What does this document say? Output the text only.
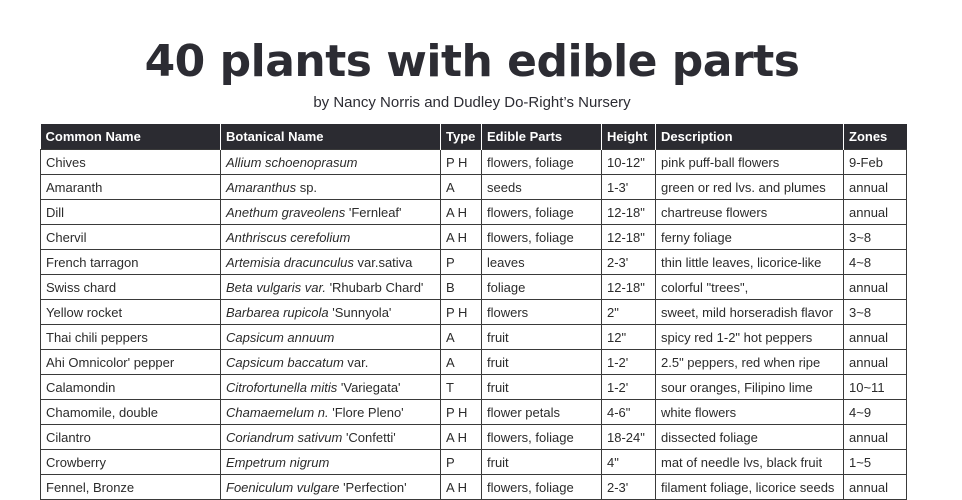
40 plants with edible parts
by Nancy Norris and Dudley Do-Right’s Nursery
Common Name	Botanical Name	Type	Edible Parts	Height	Description	Zones
Chives	Allium schoenoprasum	P H	flowers, foliage	10-12"	pink puff-ball flowers	9-Feb
Amaranth	Amaranthus sp.	A	seeds	1-3'	green or red lvs. and plumes	annual
Dill	Anethum graveolens 'Fernleaf'	A H	flowers, foliage	12-18"	chartreuse flowers	annual
Chervil	Anthriscus cerefolium	A H	flowers, foliage	12-18"	ferny foliage	3~8
French tarragon	Artemisia dracunculus var.sativa	P	leaves	2-3'	thin little leaves, licorice-like	4~8
Swiss chard	Beta vulgaris var. 'Rhubarb Chard'	B	foliage	12-18"	colorful "trees",	annual
Yellow rocket	Barbarea rupicola 'Sunnyola'	P H	flowers	2"	sweet, mild horseradish flavor	3~8
Thai chili peppers	Capsicum annuum	A	fruit	12"	spicy red 1-2" hot peppers	annual
Ahi Omnicolor' pepper	Capsicum baccatum var.	A	fruit	1-2'	2.5" peppers, red when ripe	annual
Calamondin	Citrofortunella mitis 'Variegata'	T	fruit	1-2'	sour oranges, Filipino lime	10~11
Chamomile, double	Chamaemelum n. 'Flore Pleno'	P H	flower petals	4-6"	white flowers	4~9
Cilantro	Coriandrum sativum 'Confetti'	A H	flowers, foliage	18-24"	dissected foliage	annual
Crowberry	Empetrum nigrum	P	fruit	4"	mat of needle lvs, black fruit	1~5
Fennel, Bronze	Foeniculum vulgare 'Perfection'	A H	flowers, foliage	2-3'	filament foliage, licorice seeds	annual
